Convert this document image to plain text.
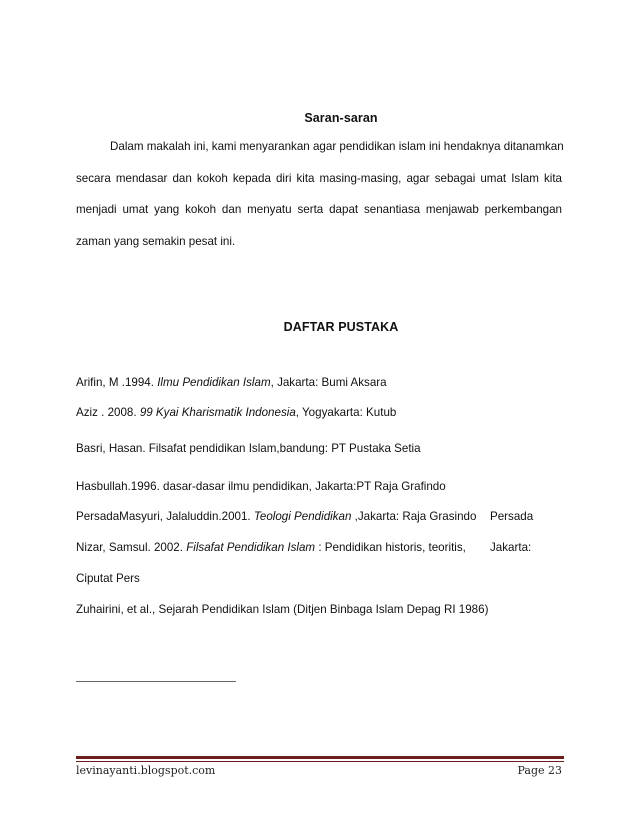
Saran-saran
Dalam makalah ini, kami menyarankan agar pendidikan islam ini hendaknya ditanamkan
secara mendasar dan kokoh kepada diri kita masing-masing, agar sebagai umat Islam kita
menjadi umat yang kokoh dan menyatu serta dapat senantiasa menjawab perkembangan
zaman yang semakin pesat ini.
DAFTAR PUSTAKA
Arifin, M .1994. Ilmu Pendidikan Islam, Jakarta: Bumi Aksara
Aziz . 2008. 99 Kyai Kharismatik Indonesia, Yogyakarta: Kutub
Basri, Hasan. Filsafat pendidikan Islam,bandung: PT Pustaka Setia
Hasbullah.1996. dasar-dasar ilmu pendidikan, Jakarta:PT Raja Grafindo
PersadaMasyuri, Jalaluddin.2001. Teologi Pendidikan ,Jakarta: Raja Grasindo Persada
Nizar, Samsul. 2002. Filsafat Pendidikan Islam : Pendidikan historis, teoritis, Jakarta:
Ciputat Pers
Zuhairini, et al., Sejarah Pendidikan Islam (Ditjen Binbaga Islam Depag RI 1986)
levinayanti.blogspot.com	Page 23
